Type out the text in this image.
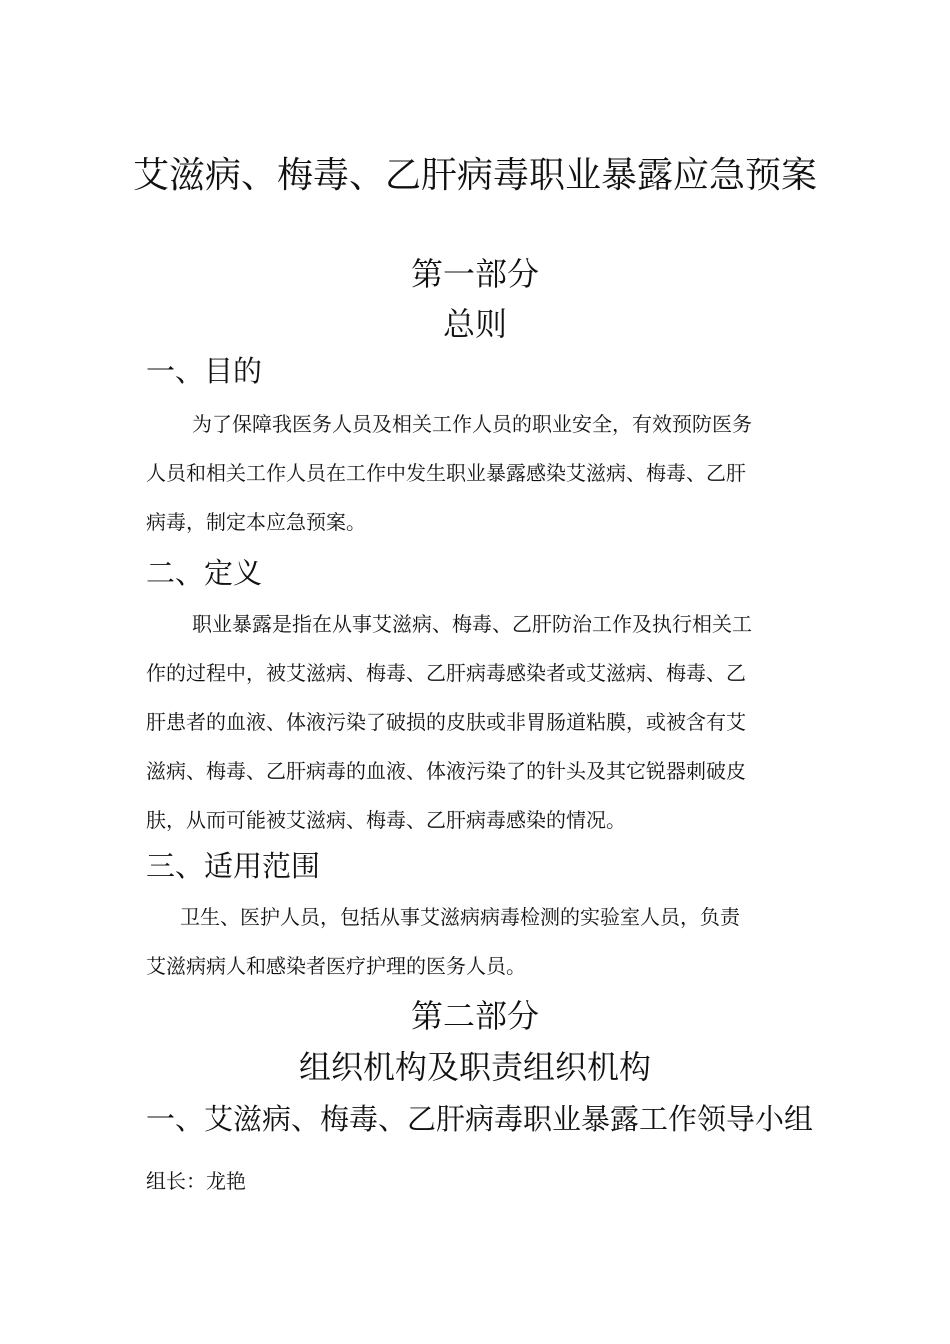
艾滋病、梅毒、乙肝病毒职业暴露应急预案
第一部分
总则
一、目的
为了保障我医务人员及相关工作人员的职业安全，有效预防医务
人员和相关工作人员在工作中发生职业暴露感染艾滋病、梅毒、乙肝
病毒，制定本应急预案。
二、定义
职业暴露是指在从事艾滋病、梅毒、乙肝防治工作及执行相关工
作的过程中，被艾滋病、梅毒、乙肝病毒感染者或艾滋病、梅毒、乙
肝患者的血液、体液污染了破损的皮肤或非胃肠道粘膜，或被含有艾
滋病、梅毒、乙肝病毒的血液、体液污染了的针头及其它锐器刺破皮
肤，从而可能被艾滋病、梅毒、乙肝病毒感染的情况。
三、适用范围
卫生、医护人员，包括从事艾滋病病毒检测的实验室人员，负责
艾滋病病人和感染者医疗护理的医务人员。
第二部分
组织机构及职责组织机构
一、艾滋病、梅毒、乙肝病毒职业暴露工作领导小组
组长：龙艳
